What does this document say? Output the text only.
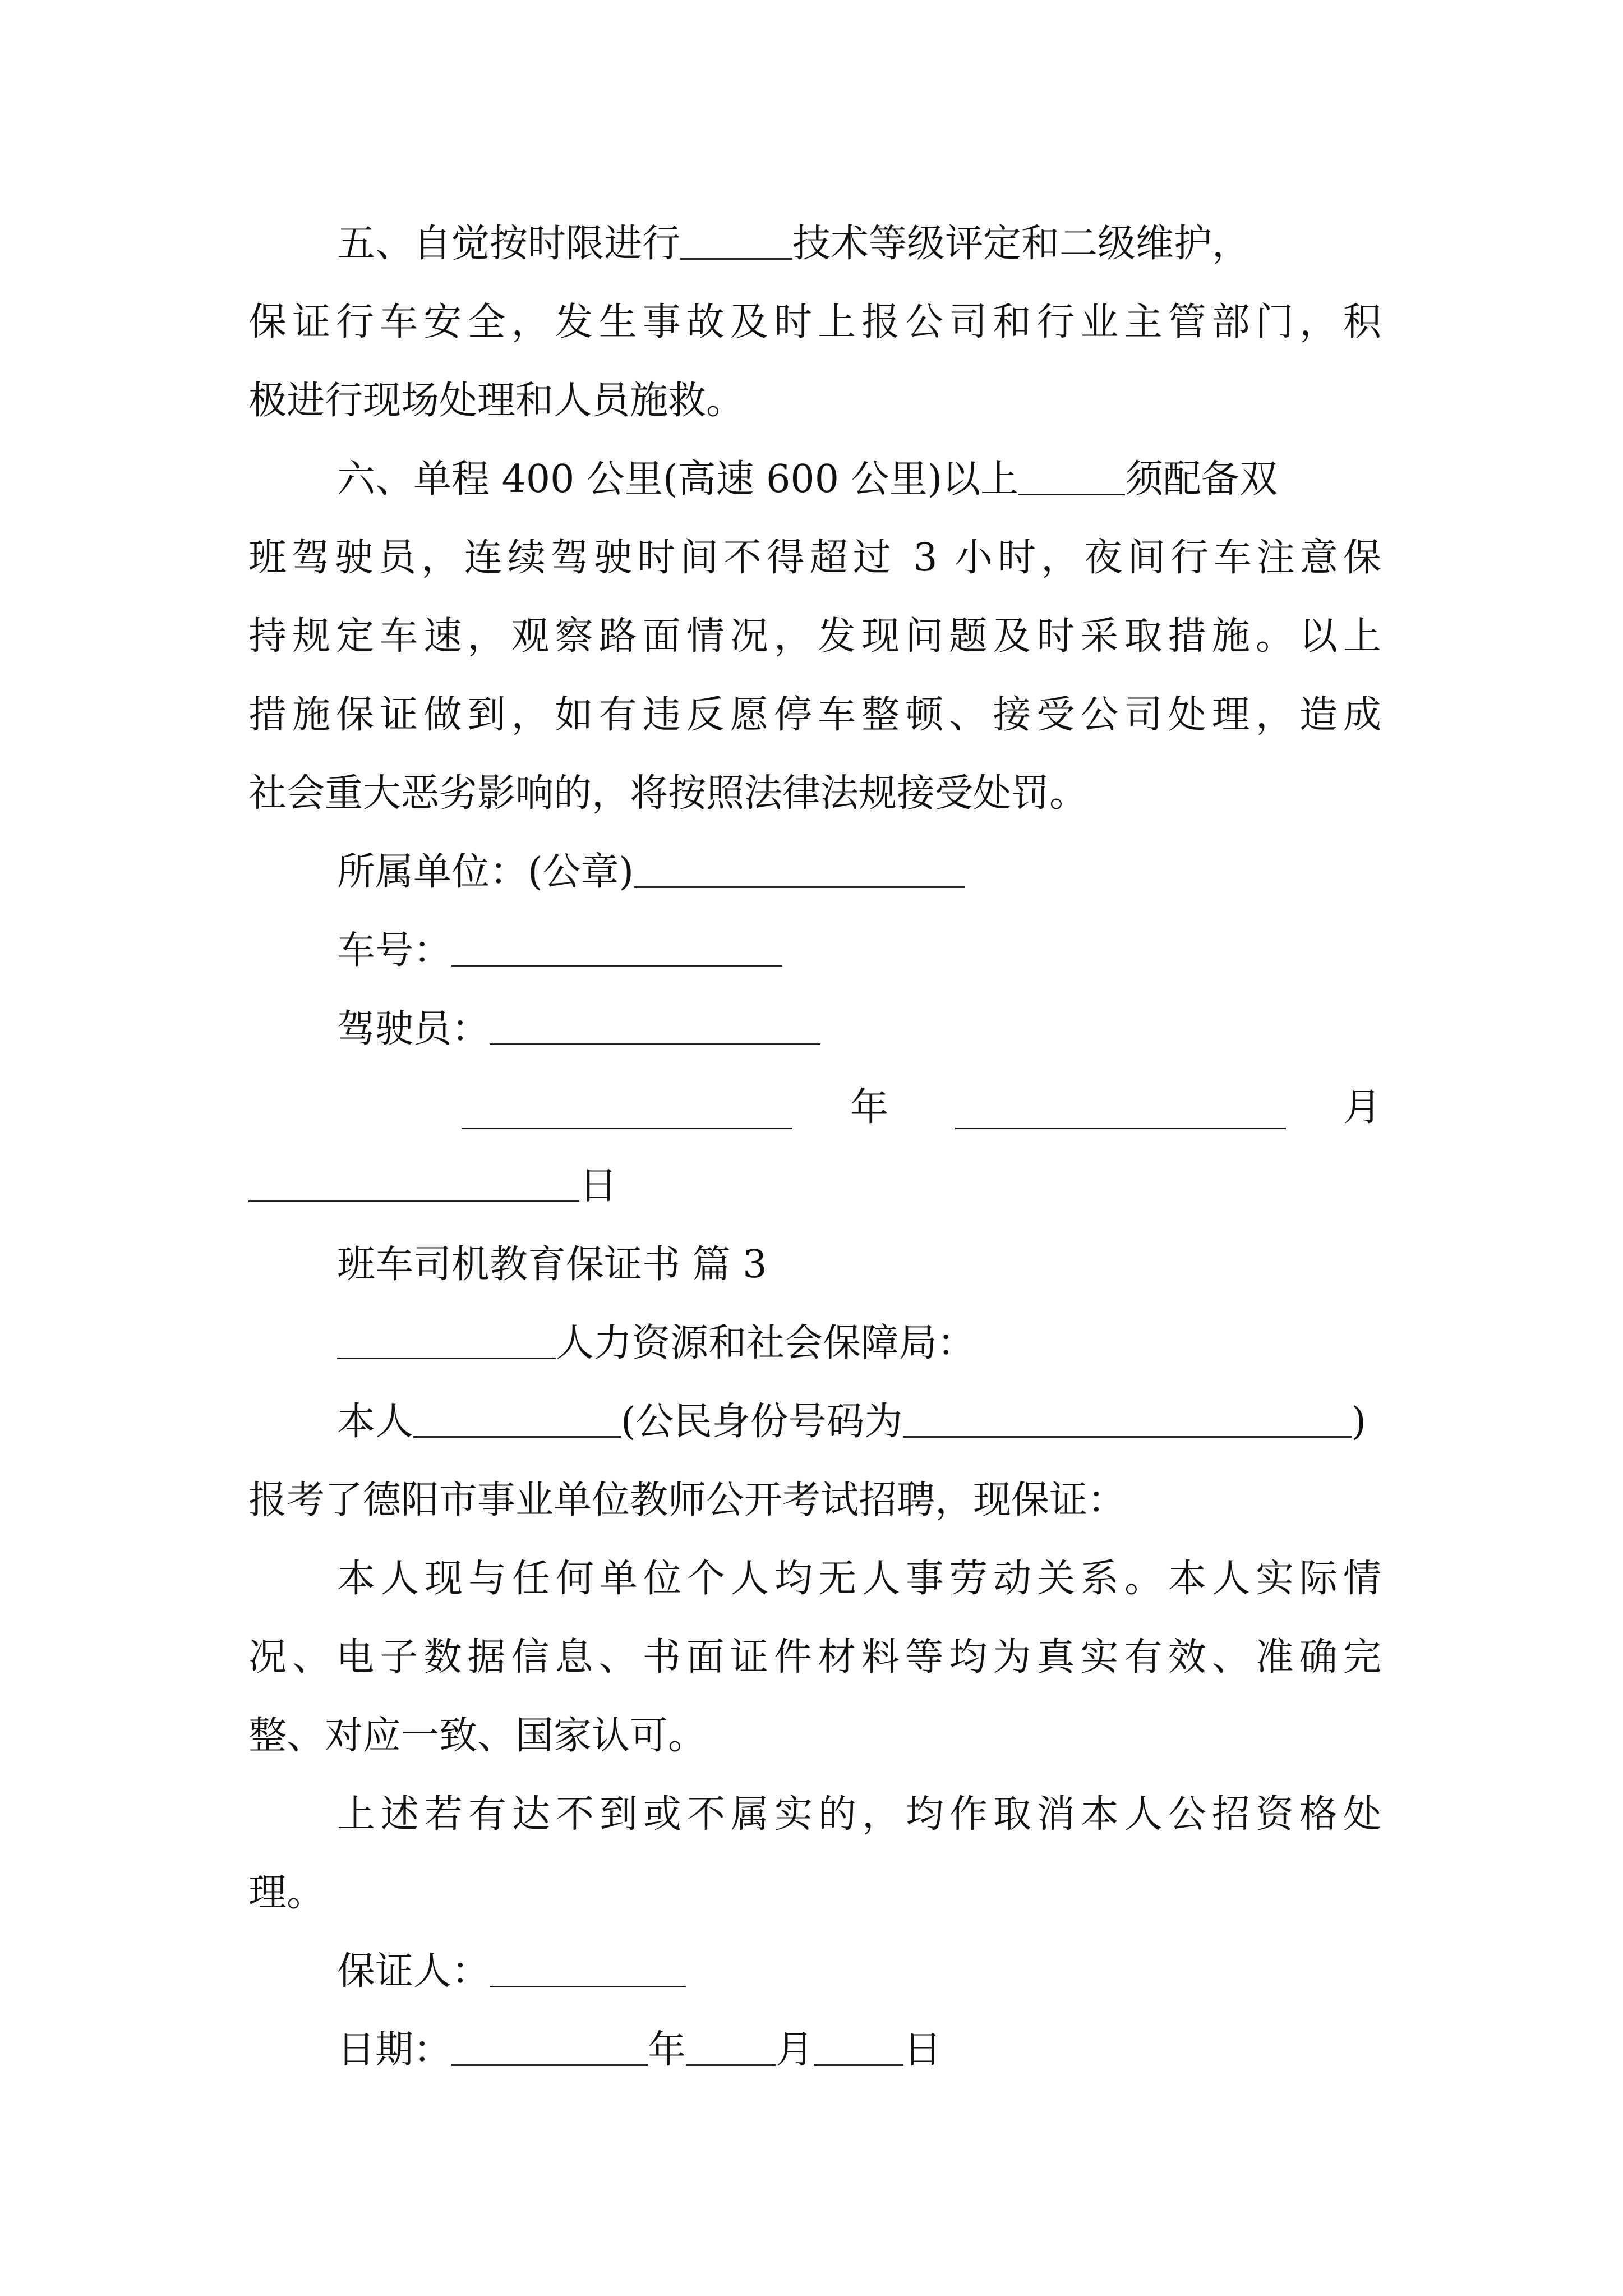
五、自觉按时限进行	技术等级评定和二级维护，
保证行车安全，发生事故及时上报公司和行业主管部门，积
极进行现场处理和人员施救。
六、单程 400 公里(高速 600 公里)以上	须配备双
班驾驶员，连续驾驶时间不得超过 3 小时，夜间行车注意保
持规定车速，观察路面情况，发现问题及时采取措施。以上
措施保证做到，如有违反愿停车整顿、接受公司处理，造成
社会重大恶劣影响的，将按照法律法规接受处罚。
所属单位：(公章)
车号：
驾驶员：
年	月
日
班车司机教育保证书 篇 3
人力资源和社会保障局：
本人	(公民身份号码为	)
报考了德阳市事业单位教师公开考试招聘，现保证：
本人现与任何单位个人均无人事劳动关系。本人实际情
况、电子数据信息、书面证件材料等均为真实有效、准确完
整、对应一致、国家认可。
上述若有达不到或不属实的，均作取消本人公招资格处
理。
保证人：
日期：	年 月 日
